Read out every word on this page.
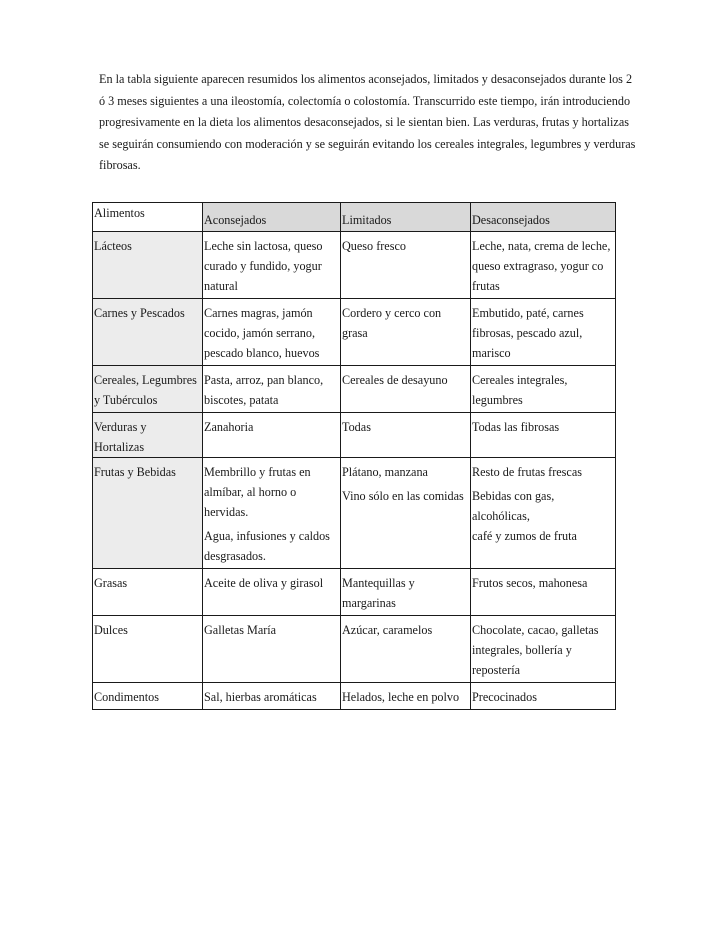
En la tabla siguiente aparecen resumidos los alimentos aconsejados, limitados y desaconsejados durante los 2
ó 3 meses siguientes a una ileostomía, colectomía o colostomía. Transcurrido este tiempo, irán introduciendo
progresivamente en la dieta los alimentos desaconsejados, si le sientan bien. Las verduras, frutas y hortalizas
se seguirán consumiendo con moderación y se seguirán evitando los cereales integrales, legumbres y verduras
fibrosas.
Alimentos	Aconsejados	Limitados	Desaconsejados

Lácteos	Leche sin lactosa, queso
curado y fundido, yogur
natural	Queso fresco	Leche, nata, crema de leche,
queso extragraso, yogur co
frutas

Carnes y Pescados	Carnes magras, jamón
cocido, jamón serrano,
pescado blanco, huevos	Cordero y cerco con
grasa	Embutido, paté, carnes
fibrosas, pescado azul,
marisco

Cereales, Legumbres
y Tubérculos	Pasta, arroz, pan blanco,
biscotes, patata	Cereales de desayuno	Cereales integrales,
legumbres

Verduras y
Hortalizas	Zanahoria	Todas	Todas las fibrosas

Frutas y Bebidas	Membrillo y frutas en
almíbar, al horno o
hervidas.
Agua, infusiones y caldos
desgrasados.	Plátano, manzana
Vino sólo en las comidas	Resto de frutas frescas
Bebidas con gas, alcohólicas,
café y zumos de fruta

Grasas	Aceite de oliva y girasol	Mantequillas y
margarinas	Frutos secos, mahonesa

Dulces	Galletas María	Azúcar, caramelos	Chocolate, cacao, galletas
integrales, bollería y
repostería

Condimentos	Sal, hierbas aromáticas	Helados, leche en polvo	Precocinados
